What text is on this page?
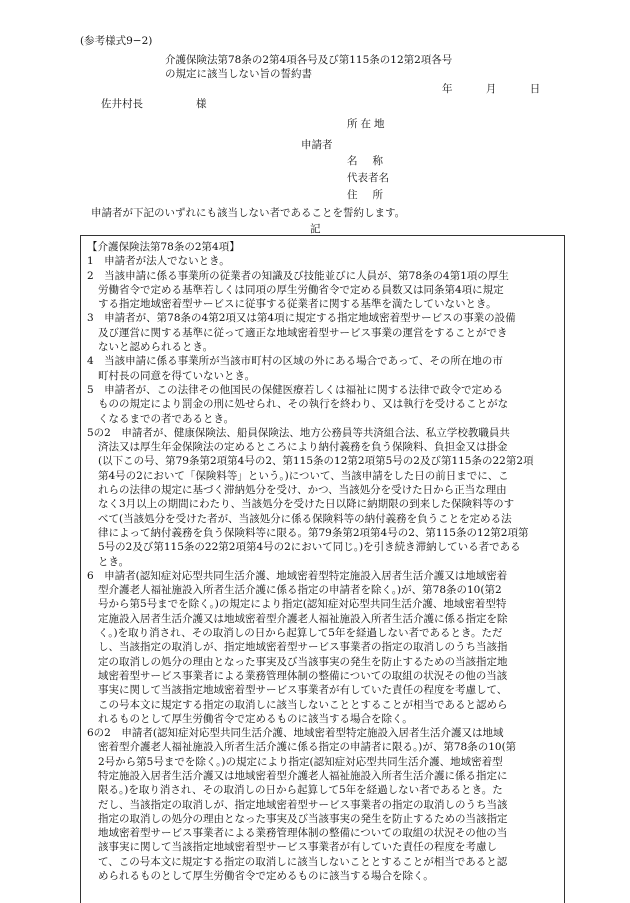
(参考様式9−2)
介護保険法第78条の2第4項各号及び第115条の12第2項各号
の規定に該当しない旨の誓約書
年	月	日
佐井村長	様
所在地
申請者
名称
代表者名
住所
申請者が下記のいずれにも該当しない者であることを誓約します。
記
【介護保険法第78条の2第4項】
1　申請者が法人でないとき。
2　当該申請に係る事業所の従業者の知識及び技能並びに人員が、第78条の4第1項の厚生
労働省令で定める基準若しくは同項の厚生労働省令で定める員数又は同条第4項に規定
する指定地域密着型サービスに従事する従業者に関する基準を満たしていないとき。
3　申請者が、第78条の4第2項又は第4項に規定する指定地域密着型サービスの事業の設備
及び運営に関する基準に従って適正な地域密着型サービス事業の運営をすることができ
ないと認められるとき。
4　当該申請に係る事業所が当該市町村の区域の外にある場合であって、その所在地の市
町村長の同意を得ていないとき。
5　申請者が、この法律その他国民の保健医療若しくは福祉に関する法律で政令で定める
ものの規定により罰金の刑に処せられ、その執行を終わり、又は執行を受けることがな
くなるまでの者であるとき。
5の2　申請者が、健康保険法、船員保険法、地方公務員等共済組合法、私立学校教職員共
済法又は厚生年金保険法の定めるところにより納付義務を負う保険料、負担金又は掛金
(以下この号、第79条第2項第4号の2、第115条の12第2項第5号の2及び第115条の22第2項
第4号の2において「保険料等」という。)について、当該申請をした日の前日までに、こ
れらの法律の規定に基づく滞納処分を受け、かつ、当該処分を受けた日から正当な理由
なく3月以上の期間にわたり、当該処分を受けた日以降に納期限の到来した保険料等のす
べて(当該処分を受けた者が、当該処分に係る保険料等の納付義務を負うことを定める法
律によって納付義務を負う保険料等に限る。第79条第2項第4号の2、第115条の12第2項第
5号の2及び第115条の22第2項第4号の2において同じ。)を引き続き滞納している者である
とき。
6　申請者(認知症対応型共同生活介護、地域密着型特定施設入居者生活介護又は地域密着
型介護老人福祉施設入所者生活介護に係る指定の申請者を除く。)が、第78条の10(第2
号から第5号までを除く。)の規定により指定(認知症対応型共同生活介護、地域密着型特
定施設入居者生活介護又は地域密着型介護老人福祉施設入所者生活介護に係る指定を除
く。)を取り消され、その取消しの日から起算して5年を経過しない者であるとき。ただ
し、当該指定の取消しが、指定地域密着型サービス事業者の指定の取消しのうち当該指
定の取消しの処分の理由となった事実及び当該事実の発生を防止するための当該指定地
域密着型サービス事業者による業務管理体制の整備についての取組の状況その他の当該
事実に関して当該指定地域密着型サービス事業者が有していた責任の程度を考慮して、
この号本文に規定する指定の取消しに該当しないこととすることが相当であると認めら
れるものとして厚生労働省令で定めるものに該当する場合を除く。
6の2　申請者(認知症対応型共同生活介護、地域密着型特定施設入居者生活介護又は地域
密着型介護老人福祉施設入所者生活介護に係る指定の申請者に限る。)が、第78条の10(第
2号から第5号までを除く。)の規定により指定(認知症対応型共同生活介護、地域密着型
特定施設入居者生活介護又は地域密着型介護老人福祉施設入所者生活介護に係る指定に
限る。)を取り消され、その取消しの日から起算して5年を経過しない者であるとき。た
だし、当該指定の取消しが、指定地域密着型サービス事業者の指定の取消しのうち当該
指定の取消しの処分の理由となった事実及び当該事実の発生を防止するための当該指定
地域密着型サービス事業者による業務管理体制の整備についての取組の状況その他の当
該事実に関して当該指定地域密着型サービス事業者が有していた責任の程度を考慮し
て、この号本文に規定する指定の取消しに該当しないこととすることが相当であると認
められるものとして厚生労働省令で定めるものに該当する場合を除く。
